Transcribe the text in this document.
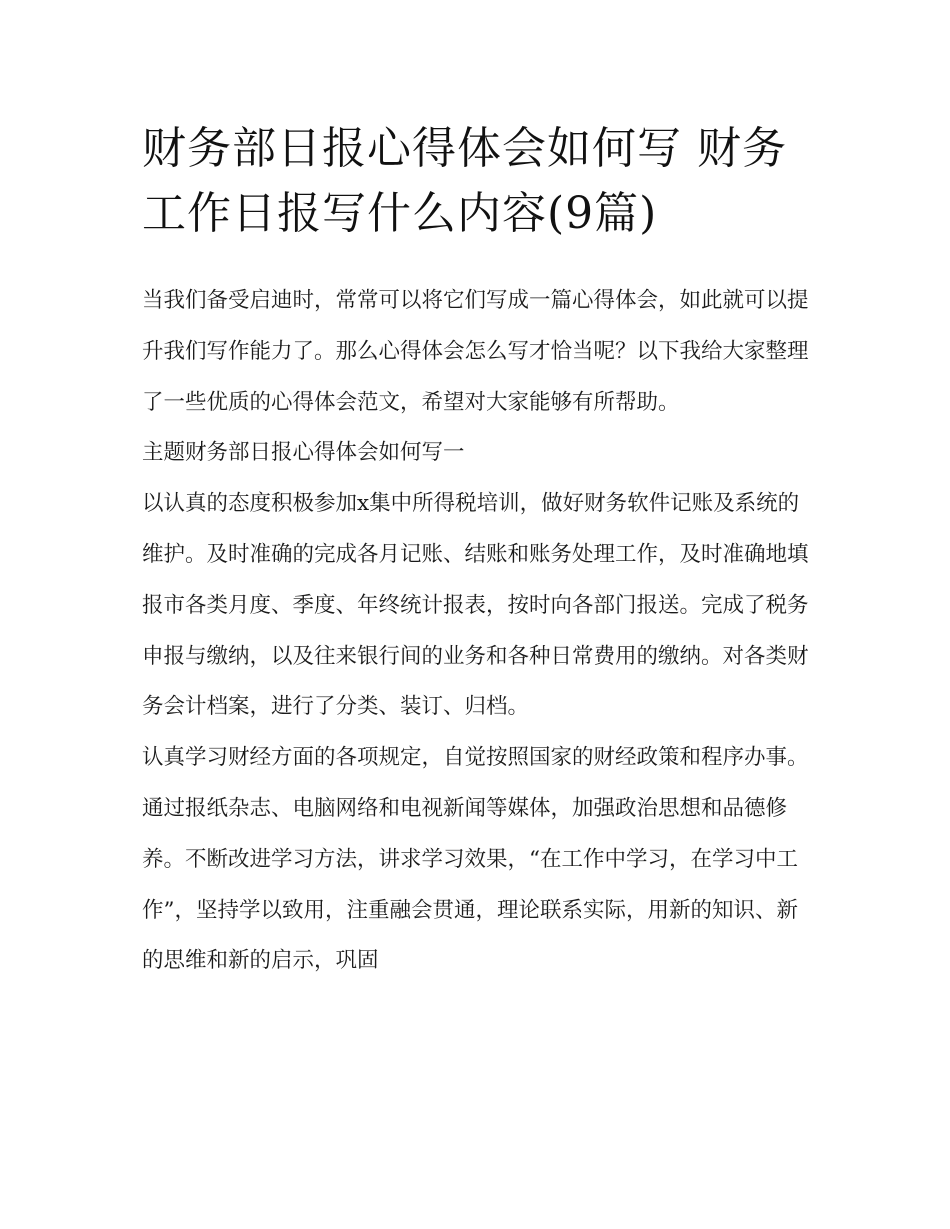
财务部日报心得体会如何写 财务工作日报写什么内容(9篇)

当我们备受启迪时，常常可以将它们写成一篇心得体会，如此就可以提升我们写作能力了。那么心得体会怎么写才恰当呢？以下我给大家整理了一些优质的心得体会范文，希望对大家能够有所帮助。

主题财务部日报心得体会如何写一

以认真的态度积极参加x集中所得税培训，做好财务软件记账及系统的维护。及时准确的完成各月记账、结账和账务处理工作，及时准确地填报市各类月度、季度、年终统计报表，按时向各部门报送。完成了税务申报与缴纳，以及往来银行间的业务和各种日常费用的缴纳。对各类财务会计档案，进行了分类、装订、归档。

认真学习财经方面的各项规定，自觉按照国家的财经政策和程序办事。通过报纸杂志、电脑网络和电视新闻等媒体，加强政治思想和品德修养。不断改进学习方法，讲求学习效果，“在工作中学习，在学习中工作”，坚持学以致用，注重融会贯通，理论联系实际，用新的知识、新的思维和新的启示，巩固
